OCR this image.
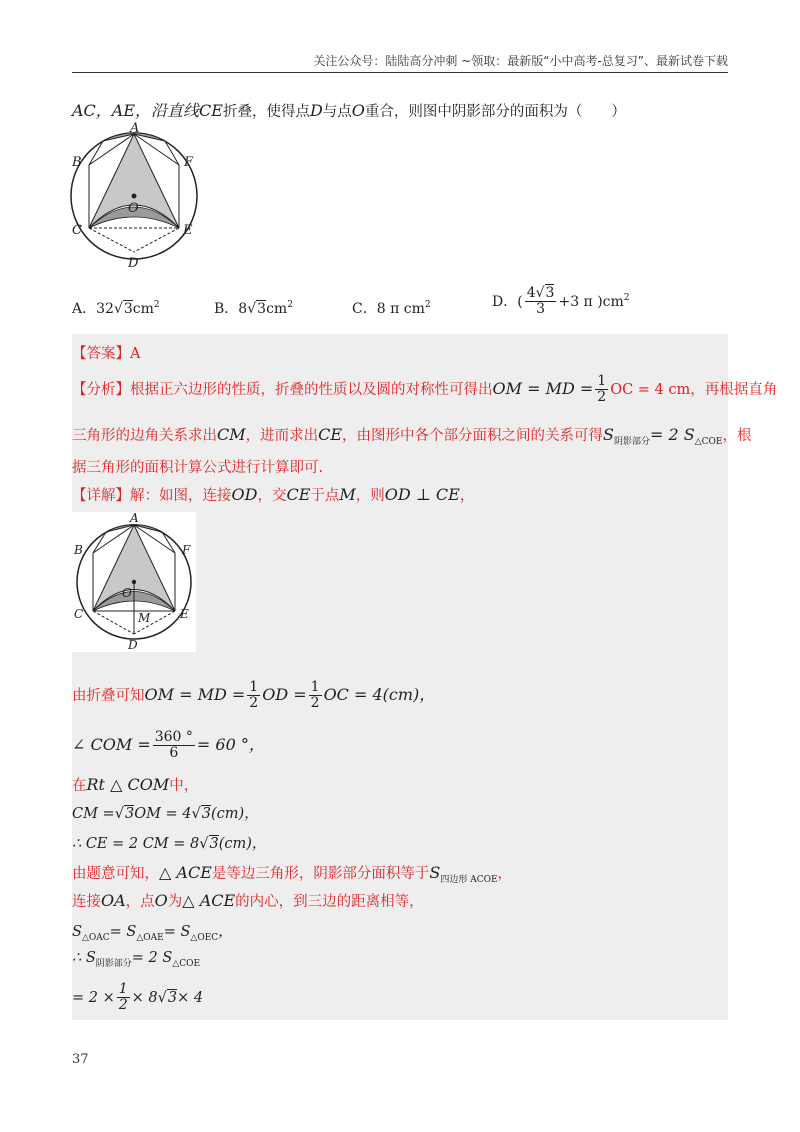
关注公众号：陆陆高分冲刺 ~领取：最新版“小中高考-总复习”、最新试卷下载
AC，AE，沿直线CE折叠，使得点D与点O重合，则图中阴影部分的面积为（　　）
A
B	F
O
C	E
D
A．$32√3cm^2$	B．$8√3cm^2$	C．8 π $cm^2$	D．( $\frac{4√3}{3} +3$ π )$cm^2$
【答案】A
【分析】根据正六边形的性质，折叠的性质以及圆的对称性可得出OM = MD = $\frac{1}{2}$ OC = 4 cm，再根据直角
三角形的边角关系求出CM，进而求出CE，由图形中各个部分面积之间的关系可得$S_{阴影部分}= 2$ $S_{\triangle COE}$，根
据三角形的面积计算公式进行计算即可.
【详解】解：如图，连接OD，交CE于点M，则OD ⊥ CE，
A
B	F
O
C	E
M
D
由折叠可知OM = MD = $\frac{1}{2}$ OD = $\frac{1}{2}$ OC = 4(cm)，
∠ COM = $\frac{360 ^\circ}{6} = 60$ °，
在Rt △ COM中，
CM =√3OM = 4√3(cm)，
∴ CE = 2 CM = 8√3(cm)，
由题意可知，△ ACE是等边三角形，阴影部分面积等于$S_{四边形 ACOE}$，
连接OA，点O为△ ACE的内心，到三边的距离相等，
$S_{\triangle OAC}= S_{\triangle OAE}= S_{\triangle OEC}$，
∴ $S_{阴影部分}= 2$ $S_{\triangle COE}$
= $2 \times \frac{1}{2} \times 8√3\times 4$
37
